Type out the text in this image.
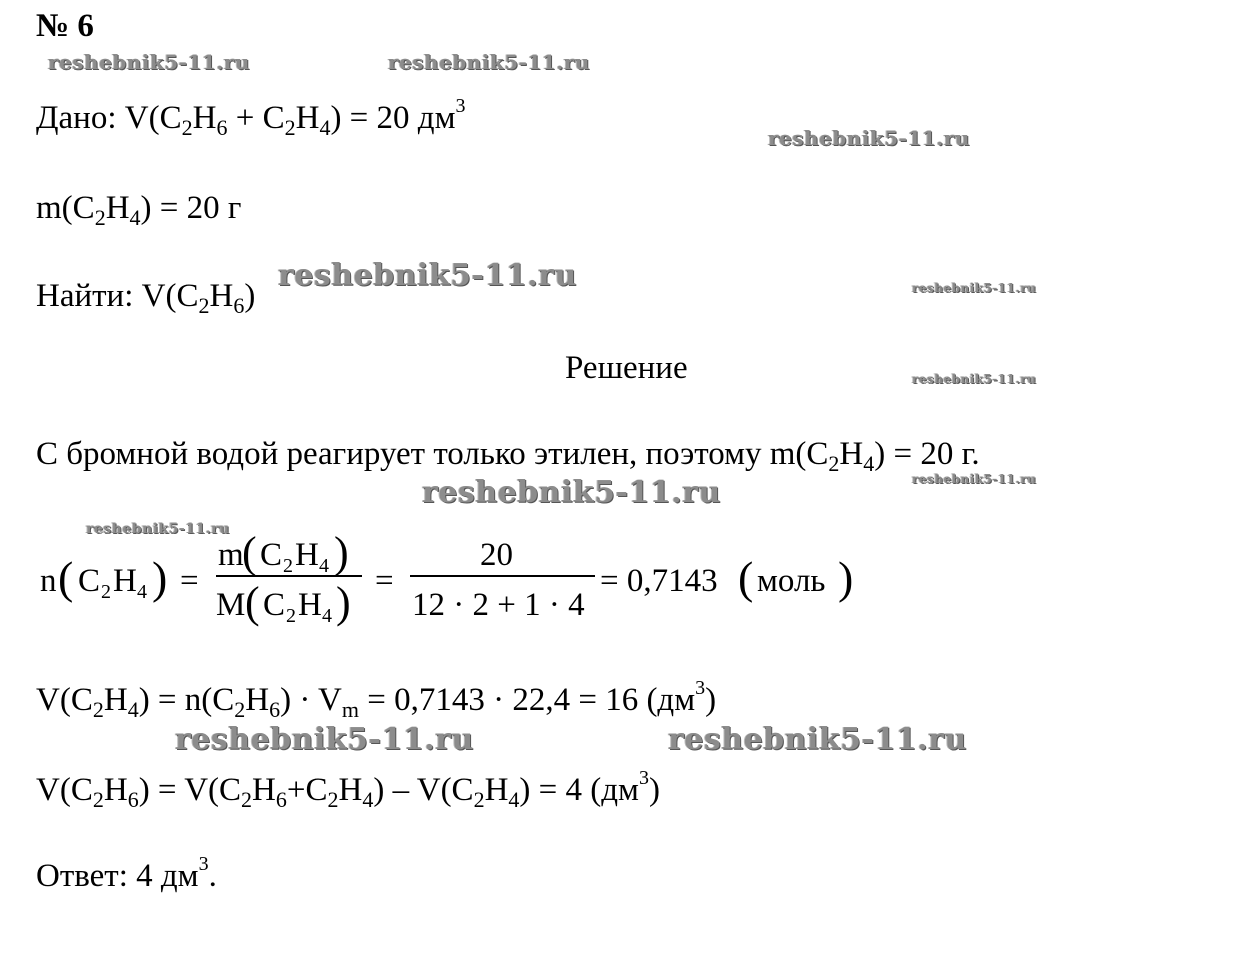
№ 6
reshebnik5-11.ru	reshebnik5-11.ru
reshebnik5-11.ru
reshebnik5-11.ru	reshebnik5-11.ru
reshebnik5-11.ru
reshebnik5-11.ru
reshebnik5-11.ru
reshebnik5-11.ru
reshebnik5-11.ru	reshebnik5-11.ru
Дано: $V(C_2H_6 + C_2H_4) = 20$ $дм^3$
$m(C_2H_4) = 20$ г
Найти: $V(C_2H_6)$
Решение
С бромной водой реагирует только этилен, поэтому $m(C_2H_4) = 20$ г.
n ( C 2 H 4 ) =
m
( C 2 H 4 )
M ( C 2 H 4 ) =
20
12 · 2 + 1 · 4
= 0,7143 ( моль )
$V(C_2H_4) = n(C_2H_6) \cdot V_m = 0,7143 \cdot 22,4 = 16$ $(дм^3)$
$V(C_2H_6) = V(C_2H_6+C_2H_4) - V(C_2H_4) = 4$ $(дм^3)$
Ответ: 4 $дм^3$.
